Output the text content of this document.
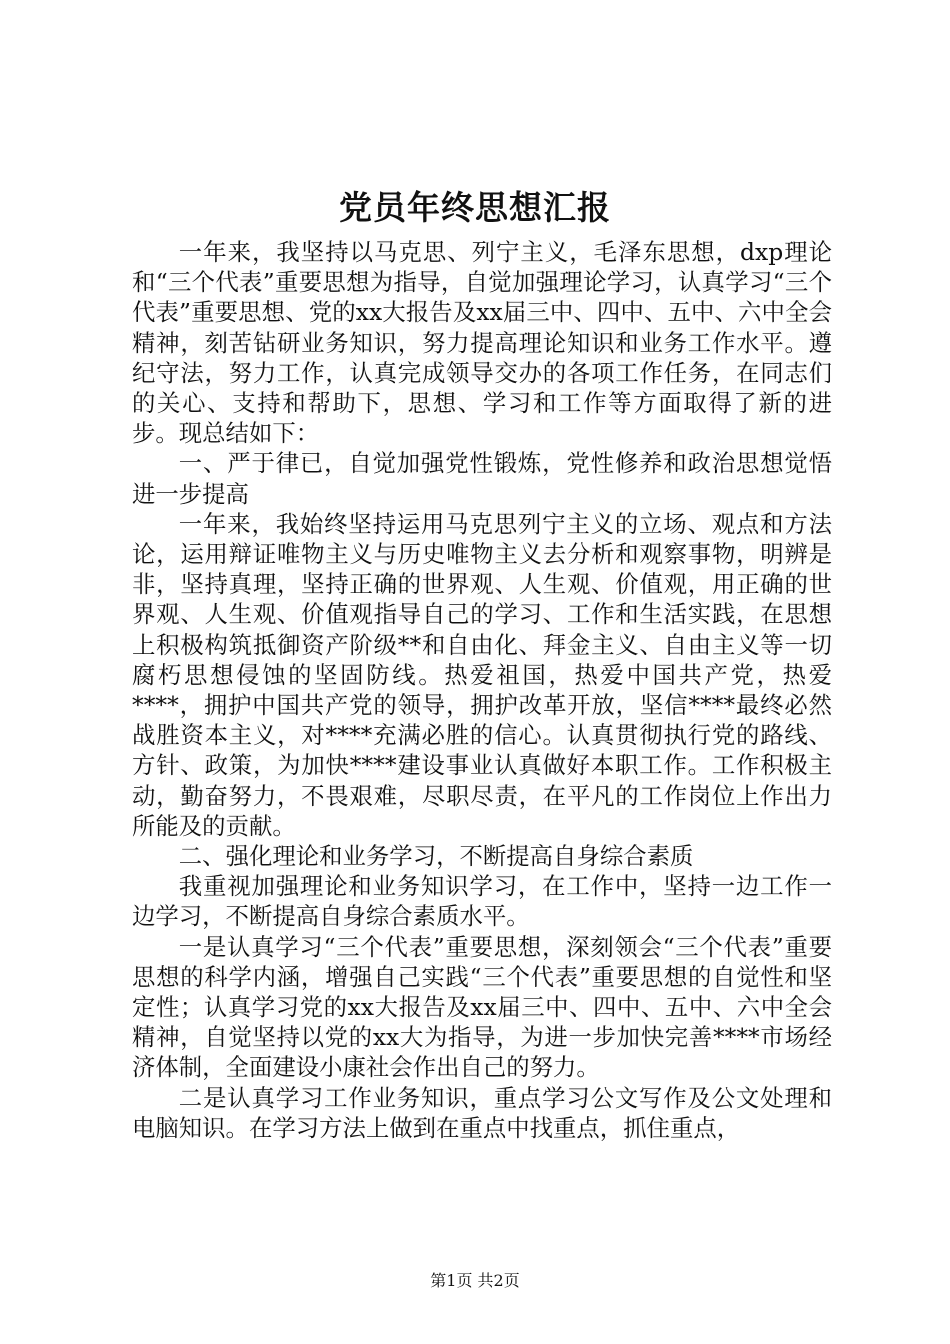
党员年终思想汇报

一年来，我坚持以马克思、列宁主义，毛泽东思想，dxp理论和“三个代表”重要思想为指导，自觉加强理论学习，认真学习“三个代表”重要思想、党的xx大报告及xx届三中、四中、五中、六中全会精神，刻苦钻研业务知识，努力提高理论知识和业务工作水平。遵纪守法，努力工作，认真完成领导交办的各项工作任务，在同志们的关心、支持和帮助下，思想、学习和工作等方面取得了新的进步。现总结如下：

一、严于律已，自觉加强党性锻炼，党性修养和政治思想觉悟进一步提高

一年来，我始终坚持运用马克思列宁主义的立场、观点和方法论，运用辩证唯物主义与历史唯物主义去分析和观察事物，明辨是非，坚持真理，坚持正确的世界观、人生观、价值观，用正确的世界观、人生观、价值观指导自己的学习、工作和生活实践，在思想上积极构筑抵御资产阶级**和自由化、拜金主义、自由主义等一切腐朽思想侵蚀的坚固防线。热爱祖国，热爱中国共产党，热爱****，拥护中国共产党的领导，拥护改革开放，坚信****最终必然战胜资本主义，对****充满必胜的信心。认真贯彻执行党的路线、方针、政策，为加快****建设事业认真做好本职工作。工作积极主动，勤奋努力，不畏艰难，尽职尽责，在平凡的工作岗位上作出力所能及的贡献。

二、强化理论和业务学习，不断提高自身综合素质

我重视加强理论和业务知识学习，在工作中，坚持一边工作一边学习，不断提高自身综合素质水平。

一是认真学习“三个代表”重要思想，深刻领会“三个代表”重要思想的科学内涵，增强自己实践“三个代表”重要思想的自觉性和坚定性；认真学习党的xx大报告及xx届三中、四中、五中、六中全会精神，自觉坚持以党的xx大为指导，为进一步加快完善****市场经济体制，全面建设小康社会作出自己的努力。

二是认真学习工作业务知识，重点学习公文写作及公文处理和电脑知识。在学习方法上做到在重点中找重点，抓住重点，

第1页 共2页
